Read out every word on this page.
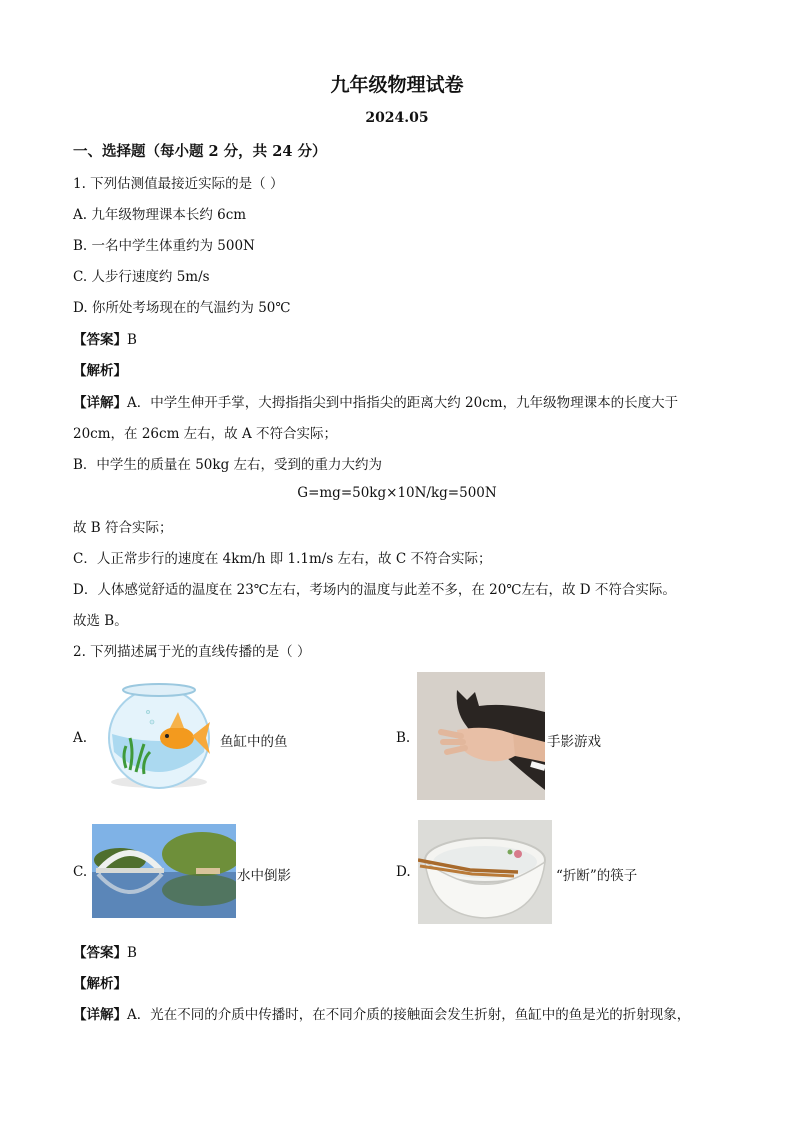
九年级物理试卷
2024.05
一、选择题（每小题 2 分，共 24 分）
1. 下列估测值最接近实际的是（ ）
A. 九年级物理课本长约 6cm
B. 一名中学生体重约为 500N
C. 人步行速度约 5m/s
D. 你所处考场现在的气温约为 50℃
【答案】B
【解析】
【详解】A．中学生伸开手掌，大拇指指尖到中指指尖的距离大约 20cm，九年级物理课本的长度大于
20cm，在 26cm 左右，故 A 不符合实际；
B．中学生的质量在 50kg 左右，受到的重力大约为
G=mg=50kg×10N/kg=500N
故 B 符合实际；
C．人正常步行的速度在 4km/h 即 1.1m/s 左右，故 C 不符合实际；
D．人体感觉舒适的温度在 23℃左右，考场内的温度与此差不多，在 20℃左右，故 D 不符合实际。
故选 B。
2. 下列描述属于光的直线传播的是（ ）
A.	鱼缸中的鱼	B.	手影游戏
C.	水中倒影	D.	“折断”的筷子
【答案】B
【解析】
【详解】A．光在不同的介质中传播时，在不同介质的接触面会发生折射，鱼缸中的鱼是光的折射现象，
